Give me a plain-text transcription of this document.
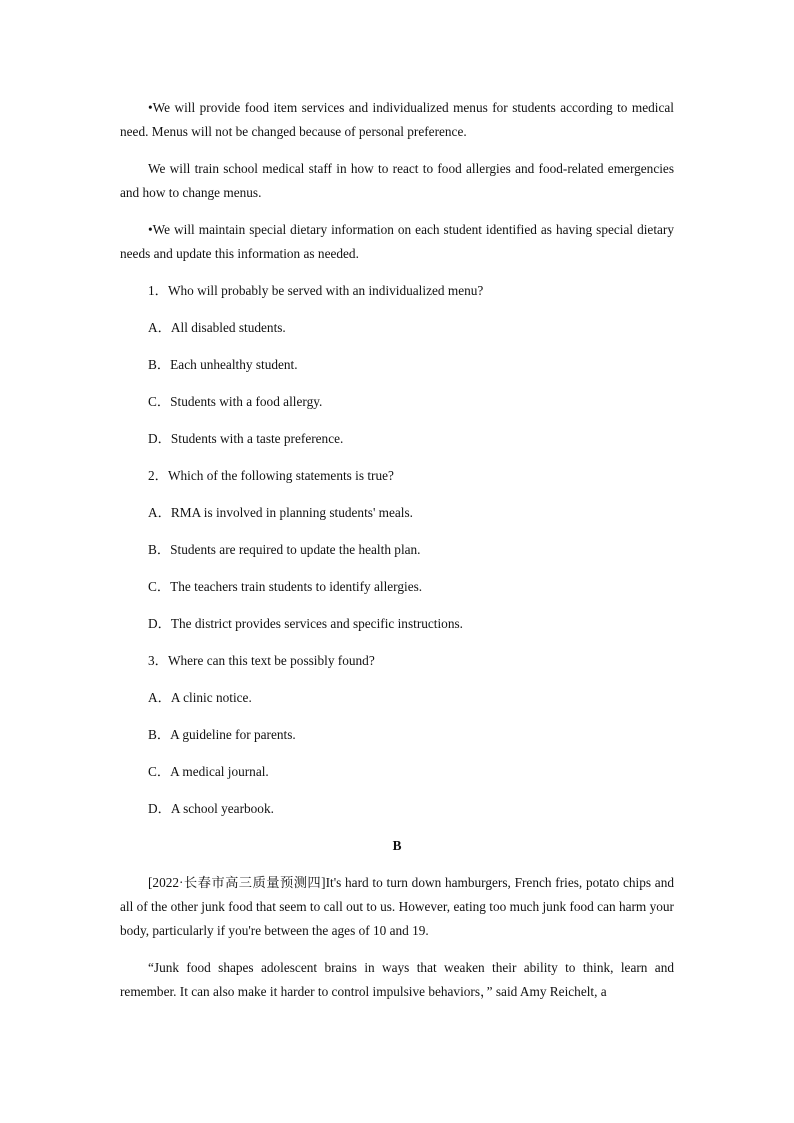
•We will provide food item services and individualized menus for students according to medical need. Menus will not be changed because of personal preference.

We will train school medical staff in how to react to food allergies and food-related emergencies and how to change menus.

•We will maintain special dietary information on each student identified as having special dietary needs and update this information as needed.

1．Who will probably be served with an individualized menu?

A．All disabled students.

B．Each unhealthy student.

C．Students with a food allergy.

D．Students with a taste preference.

2．Which of the following statements is true?

A．RMA is involved in planning students' meals.

B．Students are required to update the health plan.

C．The teachers train students to identify allergies.

D．The district provides services and specific instructions.

3．Where can this text be possibly found?

A．A clinic notice.

B．A guideline for parents.

C．A medical journal.

D．A school yearbook.

B

[2022·长春市高三质量预测四]It's hard to turn down hamburgers, French fries, potato chips and all of the other junk food that seem to call out to us. However, eating too much junk food can harm your body, particularly if you're between the ages of 10 and 19.

“Junk food shapes adolescent brains in ways that weaken their ability to think, learn and remember. It can also make it harder to control impulsive behaviors，” said Amy Reichelt, a
